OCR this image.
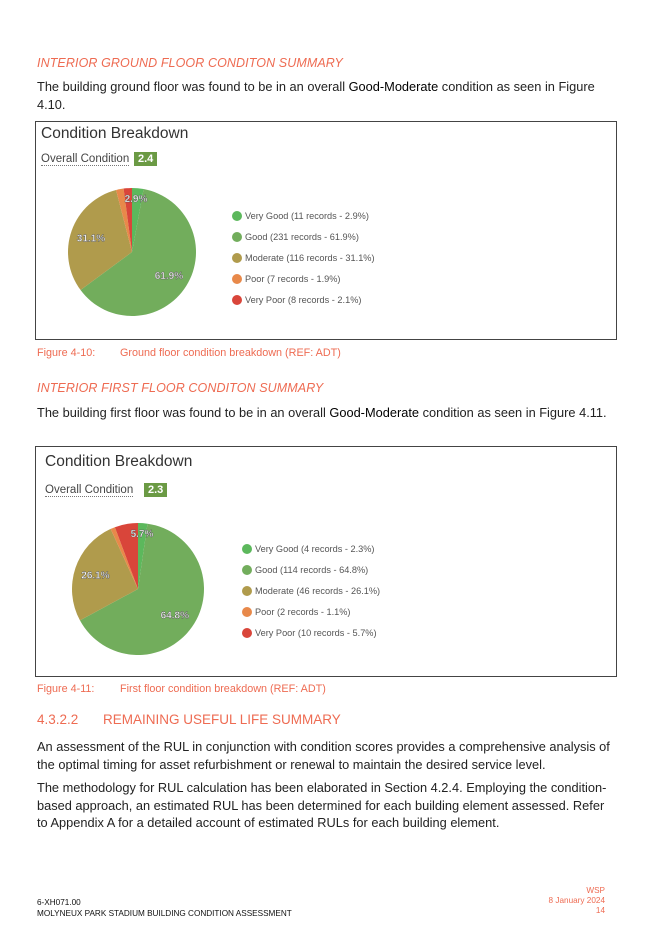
INTERIOR GROUND FLOOR CONDITON SUMMARY
The building ground floor was found to be in an overall Good-Moderate condition as seen in Figure 4.10.
Condition Breakdown
Overall Condition 2.4
61.9%
31.1%
2.9%
Very Good (11 records - 2.9%)
Good (231 records - 61.9%)
Moderate (116 records - 31.1%)
Poor (7 records - 1.9%)
Very Poor (8 records - 2.1%)
Figure 4-10: Ground floor condition breakdown (REF: ADT)
INTERIOR FIRST FLOOR CONDITON SUMMARY
The building first floor was found to be in an overall Good-Moderate condition as seen in Figure 4.11.
Condition Breakdown
Overall Condition	2.3
64.8%
26.1%
5.7%
Very Good (4 records - 2.3%)
Good (114 records - 64.8%)
Moderate (46 records - 26.1%)
Poor (2 records - 1.1%)
Very Poor (10 records - 5.7%)
Figure 4-11: First floor condition breakdown (REF: ADT)
4.3.2.2 REMAINING USEFUL LIFE SUMMARY
An assessment of the RUL in conjunction with condition scores provides a comprehensive analysis of the optimal timing for asset refurbishment or renewal to maintain the desired service level.
The methodology for RUL calculation has been elaborated in Section 4.2.4. Employing the condition-based approach, an estimated RUL has been determined for each building element assessed. Refer to Appendix A for a detailed account of estimated RULs for each building element.
6-XH071.00
MOLYNEUX PARK STADIUM BUILDING CONDITION ASSESSMENT
WSP
8 January 2024
14
